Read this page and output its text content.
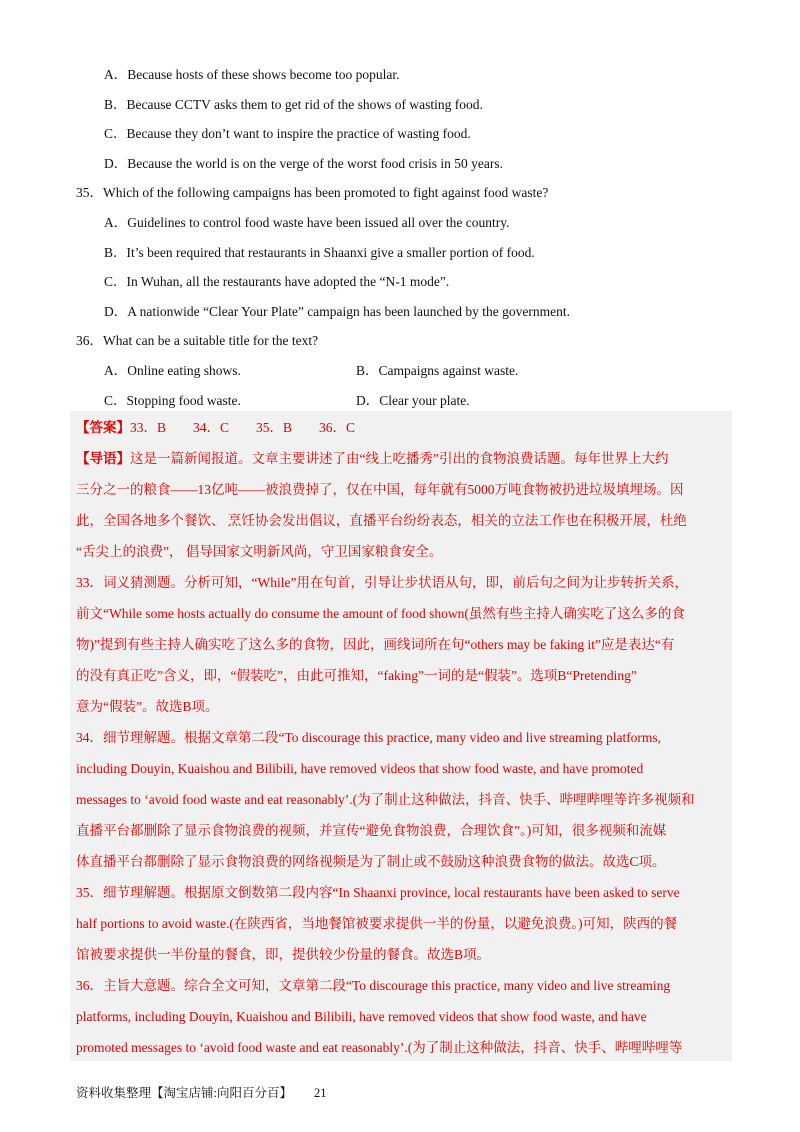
A．Because hosts of these shows become too popular.
B．Because CCTV asks them to get rid of the shows of wasting food.
C．Because they don’t want to inspire the practice of wasting food.
D．Because the world is on the verge of the worst food crisis in 50 years.
35．Which of the following campaigns has been promoted to fight against food waste?
A．Guidelines to control food waste have been issued all over the country.
B．It’s been required that restaurants in Shaanxi give a smaller portion of food.
C．In Wuhan, all the restaurants have adopted the “N-1 mode”.
D．A nationwide “Clear Your Plate” campaign has been launched by the government.
36．What can be a suitable title for the text?
A．Online eating shows.	B．Campaigns against waste.
C．Stopping food waste.	D．Clear your plate.
【答案】33．B　　34．C　　35．B　　36．C
【导语】这是一篇新闻报道。文章主要讲述了由“线上吃播秀”引出的食物浪费话题。每年世界上大约
三分之一的粮食——13亿吨——被浪费掉了，仅在中国，每年就有5000万吨食物被扔进垃圾填埋场。因
此，全国各地多个餐饮、 烹饪协会发出倡议，直播平台纷纷表态，相关的立法工作也在积极开展，杜绝
“舌尖上的浪费”， 倡导国家文明新风尚，守卫国家粮食安全。
33．词义猜测题。分析可知，“While”用在句首，引导让步状语从句，即，前后句之间为让步转折关系，
前文“While some hosts actually do consume the amount of food shown(虽然有些主持人确实吃了这么多的食
物)”提到有些主持人确实吃了这么多的食物，因此，画线词所在句“others may be faking it”应是表达“有
的没有真正吃”含义，即，“假装吃”，由此可推知，“faking”一词的是“假装”。选项B“Pretending”
意为“假装”。故选B项。
34．细节理解题。根据文章第二段“To discourage this practice, many video and live streaming platforms,
including Douyin, Kuaishou and Bilibili, have removed videos that show food waste, and have promoted
messages to ‘avoid food waste and eat reasonably’.(为了制止这种做法，抖音、快手、哔哩哔哩等许多视频和
直播平台都删除了显示食物浪费的视频，并宣传“避免食物浪费，合理饮食”。)可知，很多视频和流媒
体直播平台都删除了显示食物浪费的网络视频是为了制止或不鼓励这种浪费食物的做法。故选C项。
35．细节理解题。根据原文倒数第二段内容“In Shaanxi province, local restaurants have been asked to serve
half portions to avoid waste.(在陕西省，当地餐馆被要求提供一半的份量，以避免浪费。)可知，陕西的餐
馆被要求提供一半份量的餐食，即，提供较少份量的餐食。故选B项。
36．主旨大意题。综合全文可知，文章第二段“To discourage this practice, many video and live streaming
platforms, including Douyin, Kuaishou and Bilibili, have removed videos that show food waste, and have
promoted messages to ‘avoid food waste and eat reasonably’.(为了制止这种做法，抖音、快手、哔哩哔哩等
资料收集整理【淘宝店铺:向阳百分百】 21
